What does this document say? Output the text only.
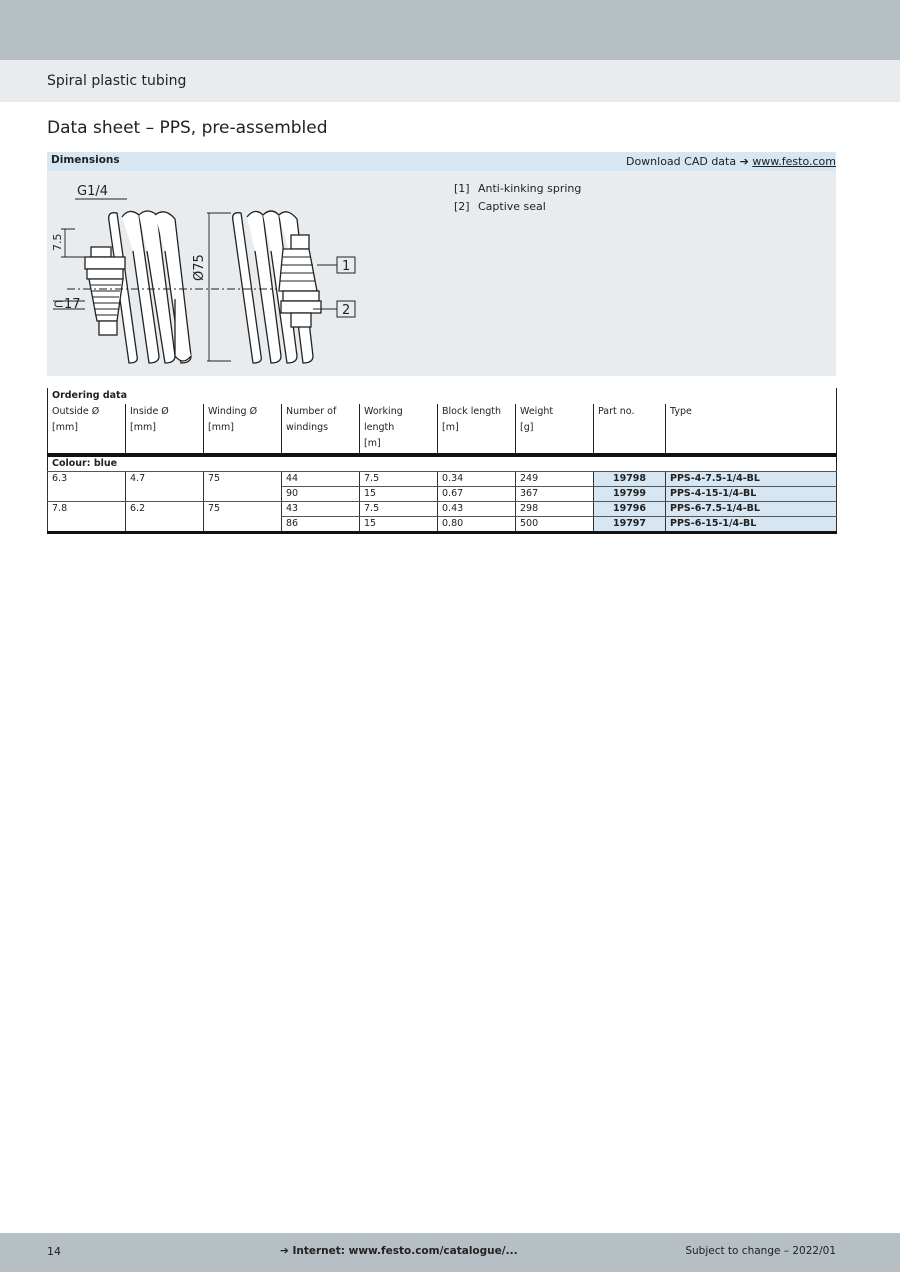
Spiral plastic tubing
Data sheet – PPS, pre-assembled
Dimensions	Download CAD data ➔ www.festo.com
G1/4
7.5
Ø75
⊂ 17
1
2
[1] Anti-kinking spring
[2] Captive seal
Ordering data								
Outside Ø
[mm]	Inside Ø
[mm]	Winding Ø
[mm]	Number of
windings	Working length
[m]	Block length
[m]	Weight
[g]	Part no.	Type

Colour: blue								
6.3	4.7	75	44	7.5	0.34	249	19798	PPS-4-7.5-1/4-BL
			90	15	0.67	367	19799	PPS-4-15-1/4-BL
7.8	6.2	75	43	7.5	0.43	298	19796	PPS-6-7.5-1/4-BL
			86	15	0.80	500	19797	PPS-6-15-1/4-BL
14	➔ Internet: www.festo.com/catalogue/...	Subject to change – 2022/01
